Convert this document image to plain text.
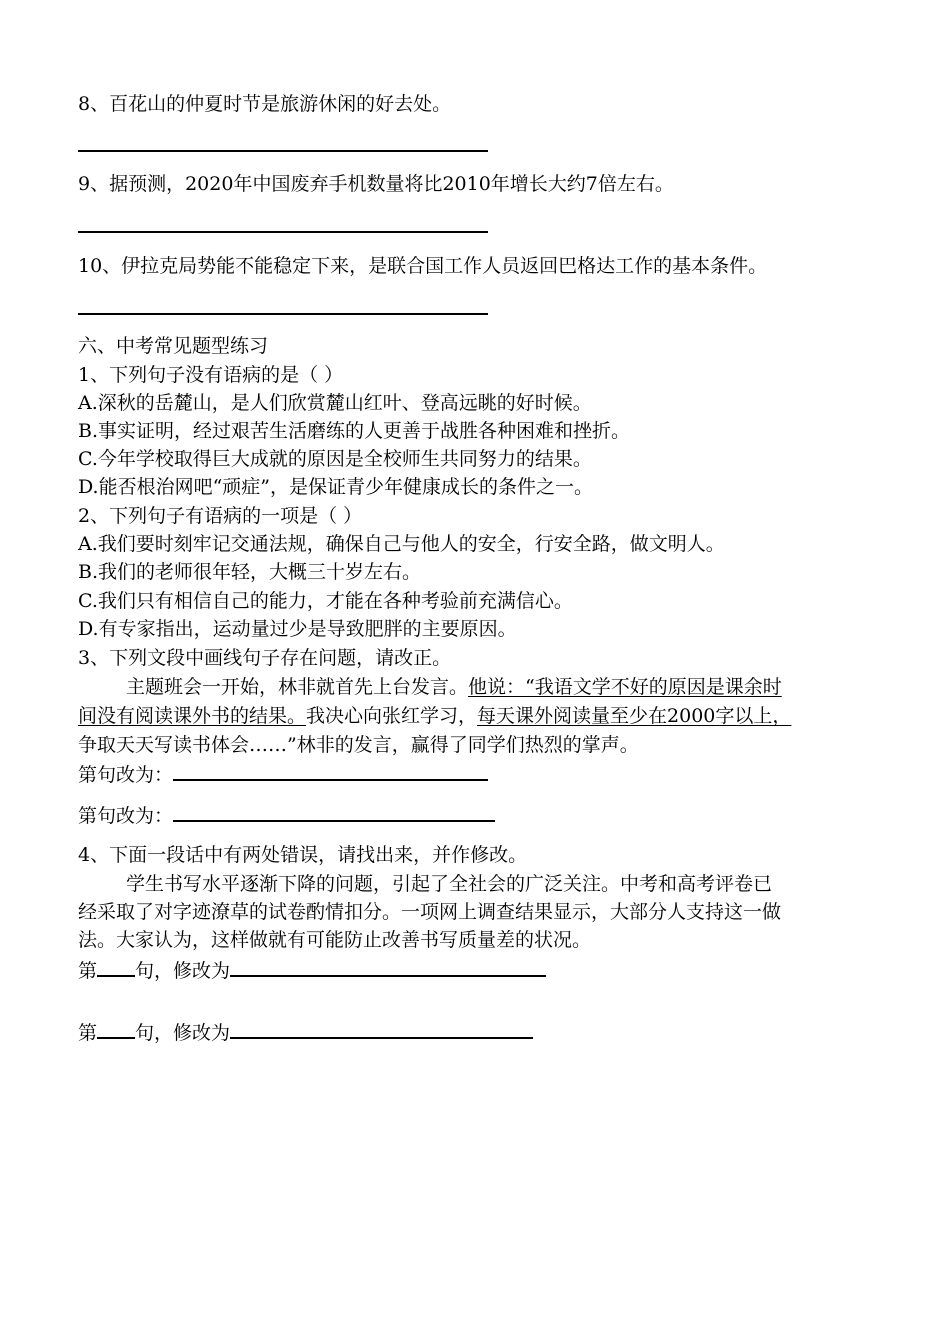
8、百花山的仲夏时节是旅游休闲的好去处。
9、据预测，2020年中国废弃手机数量将比2010年增长大约7倍左右。
10、伊拉克局势能不能稳定下来，是联合国工作人员返回巴格达工作的基本条件。
六、中考常见题型练习
1、下列句子没有语病的是（ ）
A.深秋的岳麓山，是人们欣赏麓山红叶、登高远眺的好时候。
B.事实证明，经过艰苦生活磨练的人更善于战胜各种困难和挫折。
C.今年学校取得巨大成就的原因是全校师生共同努力的结果。
D.能否根治网吧“顽症”，是保证青少年健康成长的条件之一。
2、下列句子有语病的一项是（ ）
A.我们要时刻牢记交通法规，确保自己与他人的安全，行安全路，做文明人。
B.我们的老师很年轻，大概三十岁左右。
C.我们只有相信自己的能力，才能在各种考验前充满信心。
D.有专家指出，运动量过少是导致肥胖的主要原因。
3、下列文段中画线句子存在问题，请改正。
主题班会一开始，林非就首先上台发言。他说：“我语文学不好的原因是课余时
间没有阅读课外书的结果。我决心向张红学习，每天课外阅读量至少在2000字以上，
争取天天写读书体会……”林非的发言，赢得了同学们热烈的掌声。
第句改为：
第句改为：
4、下面一段话中有两处错误，请找出来，并作修改。
学生书写水平逐渐下降的问题，引起了全社会的广泛关注。中考和高考评卷已
经采取了对字迹潦草的试卷酌情扣分。一项网上调查结果显示，大部分人支持这一做
法。大家认为，这样做就有可能防止改善书写质量差的状况。
第 句，修改为
第 句，修改为
